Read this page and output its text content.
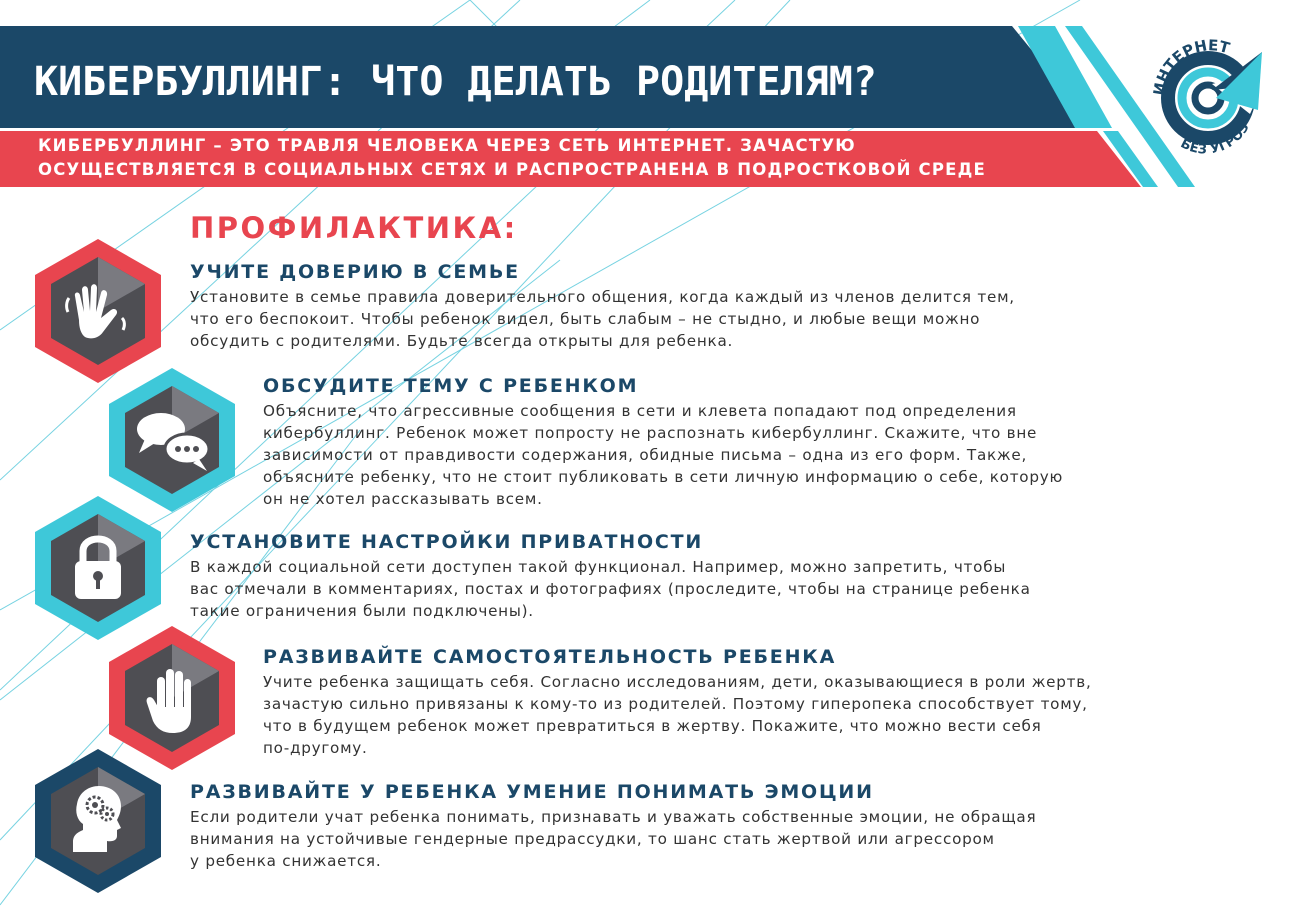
КИБЕРБУЛЛИНГ: ЧТО ДЕЛАТЬ РОДИТЕЛЯМ?
КИБЕРБУЛЛИНГ – ЭТО ТРАВЛЯ ЧЕЛОВЕКА ЧЕРЕЗ СЕТЬ ИНТЕРНЕТ. ЗАЧАСТУЮ
ОСУЩЕСТВЛЯЕТСЯ В СОЦИАЛЬНЫХ СЕТЯХ И РАСПРОСТРАНЕНА В ПОДРОСТКОВОЙ СРЕДЕ
ИНТЕРНЕТ
БЕЗ УГРОЗ
ПРОФИЛАКТИКА:
УЧИТЕ ДОВЕРИЮ В СЕМЬЕ

Установите в семье правила доверительного общения, когда каждый из членов делится тем,
что его беспокоит. Чтобы ребенок видел, быть слабым – не стыдно, и любые вещи можно
обсудить с родителями. Будьте всегда открыты для ребенка.

ОБСУДИТЕ ТЕМУ С РЕБЕНКОМ

Объясните, что агрессивные сообщения в сети и клевета попадают под определения
кибербуллинг. Ребенок может попросту не распознать кибербуллинг. Скажите, что вне
зависимости от правдивости содержания, обидные письма – одна из его форм. Также,
объясните ребенку, что не стоит публиковать в сети личную информацию о себе, которую
он не хотел рассказывать всем.

УСТАНОВИТЕ НАСТРОЙКИ ПРИВАТНОСТИ

В каждой социальной сети доступен такой функционал. Например, можно запретить, чтобы
вас отмечали в комментариях, постах и фотографиях (проследите, чтобы на странице ребенка
такие ограничения были подключены).

РАЗВИВАЙТЕ САМОСТОЯТЕЛЬНОСТЬ РЕБЕНКА

Учите ребенка защищать себя. Согласно исследованиям, дети, оказывающиеся в роли жертв,
зачастую сильно привязаны к кому-то из родителей. Поэтому гиперопека способствует тому,
что в будущем ребенок может превратиться в жертву. Покажите, что можно вести себя
по-другому.

РАЗВИВАЙТЕ У РЕБЕНКА УМЕНИЕ ПОНИМАТЬ ЭМОЦИИ

Если родители учат ребенка понимать, признавать и уважать собственные эмоции, не обращая
внимания на устойчивые гендерные предрассудки, то шанс стать жертвой или агрессором
у ребенка снижается.
